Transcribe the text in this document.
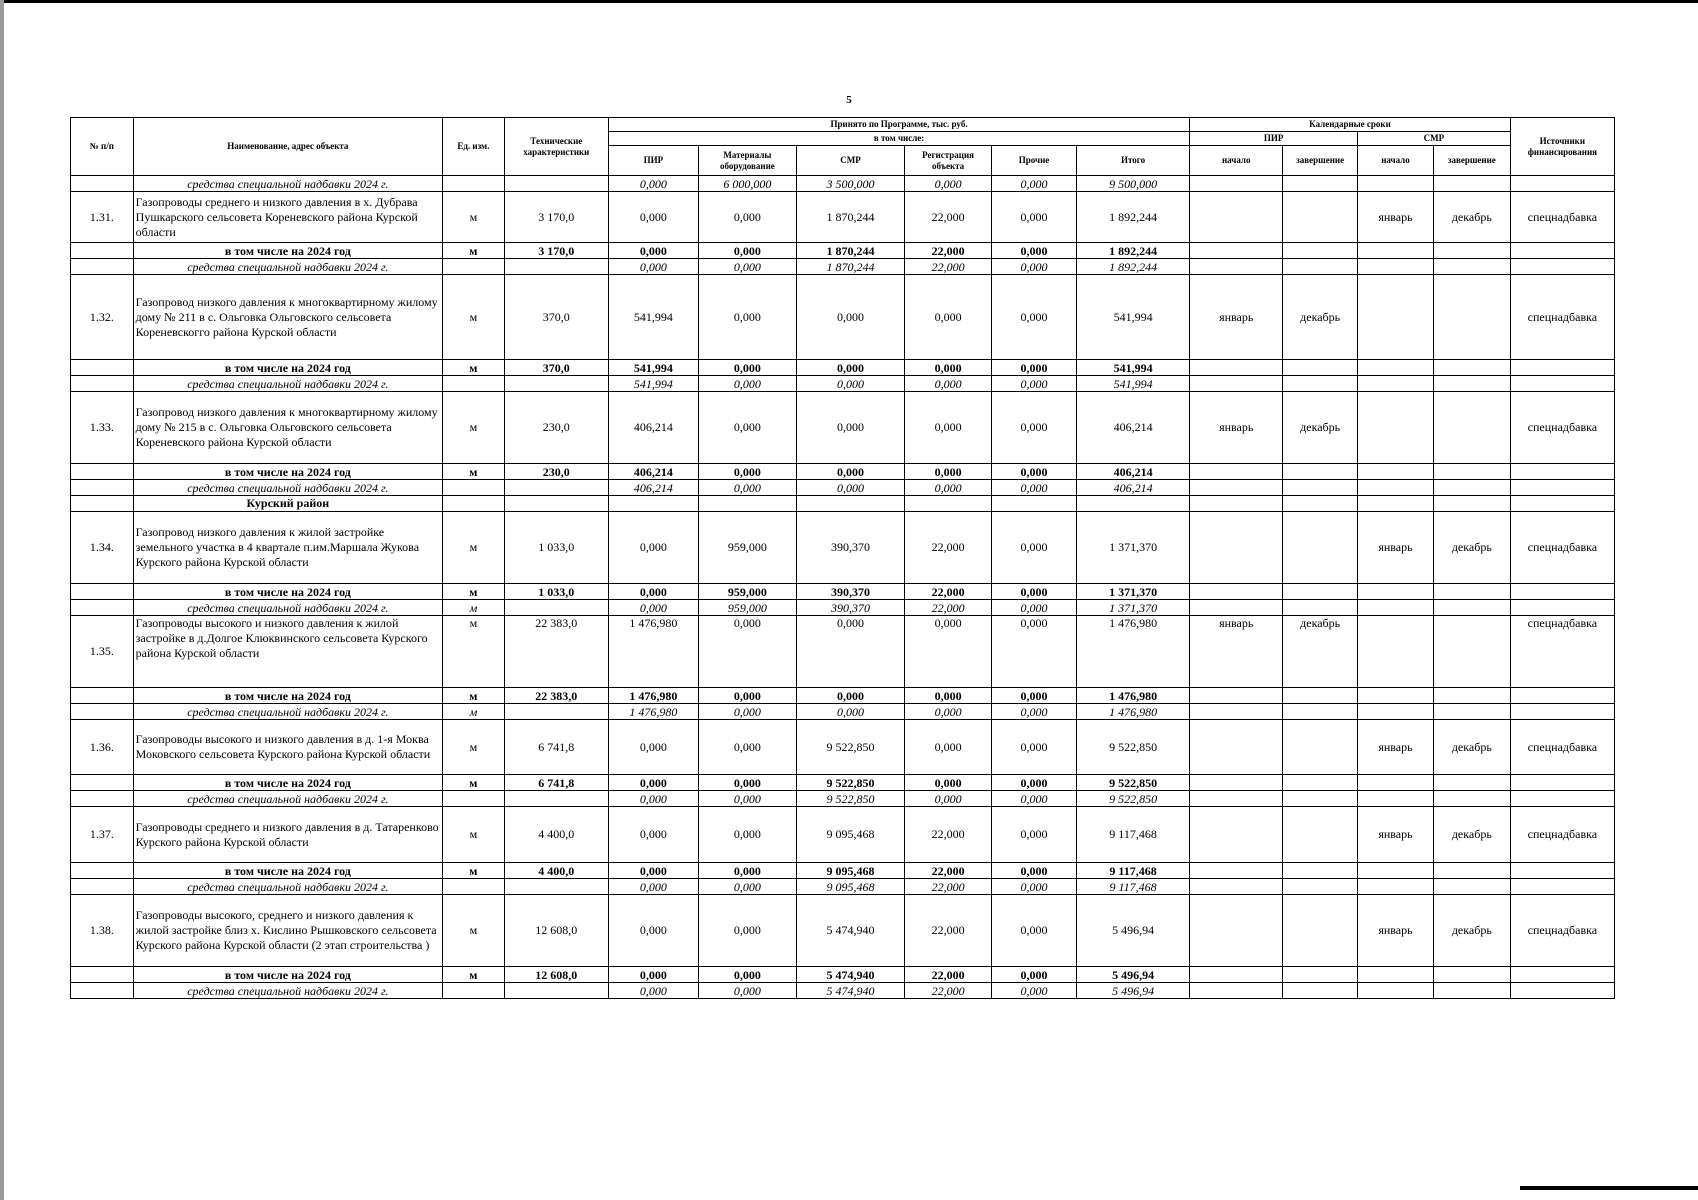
5
№ п/п	Наименование, адрес объекта	Ед. изм.	Технические характеристики	Принято по Программе, тыс. руб.						Календарные сроки				Источники финансирования
				в том числе:						ПИР		СМР		
				ПИР	Материалы оборудование	СМР	Регистрация объекта	Прочие	Итого	начало	завершение	начало	завершение	
	средства специальной надбавки 2024 г.			0,000	6 000,000	3 500,000	0,000	0,000	9 500,000					
1.31.	Газопроводы среднего и низкого давления в х. Дубрава Пушкарского сельсовета Кореневского района Курской области	м	3 170,0	0,000	0,000	1 870,244	22,000	0,000	1 892,244			январь	декабрь	спецнадбавка
	в том числе на 2024 год	м	3 170,0	0,000	0,000	1 870,244	22,000	0,000	1 892,244					
	средства специальной надбавки 2024 г.			0,000	0,000	1 870,244	22,000	0,000	1 892,244					
1.32.	Газопровод низкого давления к многоквартирному жилому дому № 211 в с. Ольговка Ольговского сельсовета Кореневскогго района Курской области	м	370,0	541,994	0,000	0,000	0,000	0,000	541,994	январь	декабрь			спецнадбавка
	в том числе на 2024 год	м	370,0	541,994	0,000	0,000	0,000	0,000	541,994					
	средства специальной надбавки 2024 г.			541,994	0,000	0,000	0,000	0,000	541,994					
1.33.	Газопровод низкого давления к многоквартирному жилому дому № 215 в с. Ольговка Ольговского сельсовета Кореневского района Курской области	м	230,0	406,214	0,000	0,000	0,000	0,000	406,214	январь	декабрь			спецнадбавка
	в том числе на 2024 год	м	230,0	406,214	0,000	0,000	0,000	0,000	406,214					
	средства специальной надбавки 2024 г.			406,214	0,000	0,000	0,000	0,000	406,214					
	Курский район													
1.34.	Газопровод низкого давления к жилой застройке земельного участка в 4 квартале п.им.Маршала Жукова Курского района Курской области	м	1 033,0	0,000	959,000	390,370	22,000	0,000	1 371,370			январь	декабрь	спецнадбавка
	в том числе на 2024 год	м	1 033,0	0,000	959,000	390,370	22,000	0,000	1 371,370					
	средства специальной надбавки 2024 г.	м		0,000	959,000	390,370	22,000	0,000	1 371,370					
1.35.	Газопроводы высокого и низкого давления к жилой застройке в д.Долгое Клюквинского сельсовета Курского района Курской области	м	22 383,0	1 476,980	0,000	0,000	0,000	0,000	1 476,980	январь	декабрь			спецнадбавка
	в том числе на 2024 год	м	22 383,0	1 476,980	0,000	0,000	0,000	0,000	1 476,980					
	средства специальной надбавки 2024 г.	м		1 476,980	0,000	0,000	0,000	0,000	1 476,980					
1.36.	Газопроводы высокого и низкого давления в д. 1-я Моква Моковского сельсовета Курского района Курской области	м	6 741,8	0,000	0,000	9 522,850	0,000	0,000	9 522,850			январь	декабрь	спецнадбавка
	в том числе на 2024 год	м	6 741,8	0,000	0,000	9 522,850	0,000	0,000	9 522,850					
	средства специальной надбавки 2024 г.			0,000	0,000	9 522,850	0,000	0,000	9 522,850					
1.37.	Газопроводы среднего и низкого давления в д. Татаренково Курского района Курской области	м	4 400,0	0,000	0,000	9 095,468	22,000	0,000	9 117,468			январь	декабрь	спецнадбавка
	в том числе на 2024 год	м	4 400,0	0,000	0,000	9 095,468	22,000	0,000	9 117,468					
	средства специальной надбавки 2024 г.			0,000	0,000	9 095,468	22,000	0,000	9 117,468					
1.38.	Газопроводы высокого, среднего и низкого давления к жилой застройке близ х. Кислино Рышковского сельсовета Курского района Курской области (2 этап строительства )	м	12 608,0	0,000	0,000	5 474,940	22,000	0,000	5 496,94			январь	декабрь	спецнадбавка
	в том числе на 2024 год	м	12 608,0	0,000	0,000	5 474,940	22,000	0,000	5 496,94					
	средства специальной надбавки 2024 г.			0,000	0,000	5 474,940	22,000	0,000	5 496,94					
